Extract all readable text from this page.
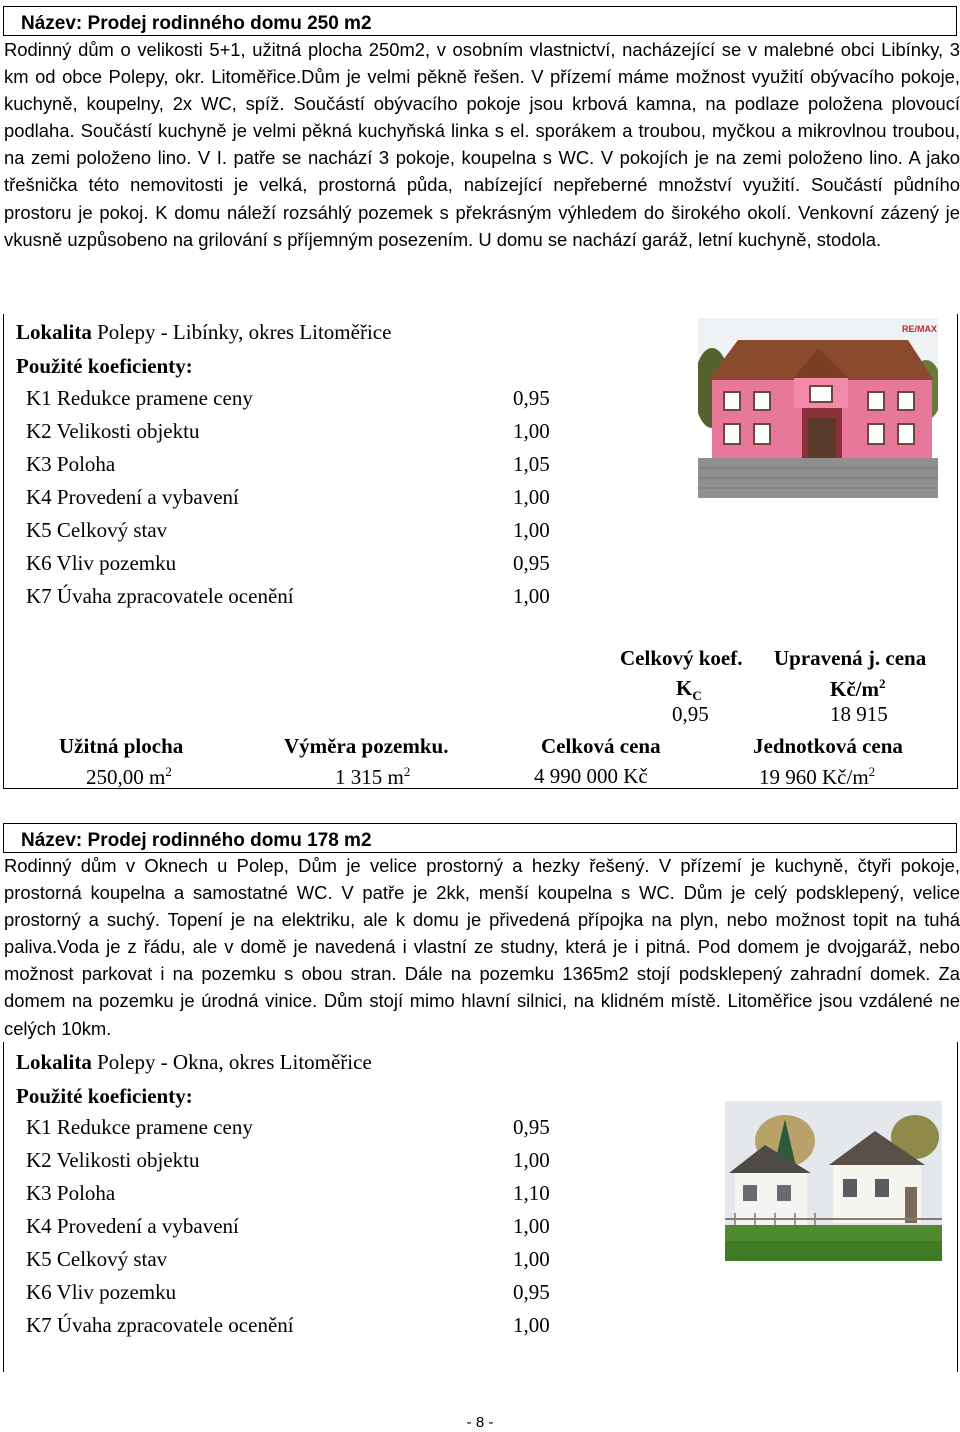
Název: Prodej rodinného domu 250 m2
Rodinný dům o velikosti 5+1, užitná plocha 250m2, v osobním vlastnictví, nacházející se v malebné obci Libínky, 3 km od obce Polepy, okr. Litoměřice.Dům je velmi pěkně řešen. V přízemí máme možnost využití obývacího pokoje, kuchyně, koupelny, 2x WC, spíž. Součástí obývacího pokoje jsou krbová kamna, na podlaze položena plovoucí podlaha. Součástí kuchyně je velmi pěkná kuchyňská linka s el. sporákem a troubou, myčkou a mikrovlnou troubou, na zemi položeno lino. V I. patře se nachází 3 pokoje, koupelna s WC. V pokojích je na zemi položeno lino. A jako třešnička této nemovitosti je velká, prostorná půda, nabízející nepřeberné množství využití. Součástí půdního prostoru je pokoj. K domu náleží rozsáhlý pozemek s překrásným výhledem do širokého okolí. Venkovní zázený je vkusně uzpůsobeno na grilování s příjemným posezením. U domu se nachází garáž, letní kuchyně, stodola.
Lokalita Polepy - Libínky, okres Litoměřice
Použité koeficienty:
K1 Redukce pramene ceny	0,95
K2 Velikosti objektu	1,00
K3 Poloha	1,05
K4 Provedení a vybavení	1,00
K5 Celkový stav	1,00
K6 Vliv pozemku	0,95
K7 Úvaha zpracovatele ocenění	1,00
RE/MAX
Celkový koef. Upravená j. cena
$K_C$	$Kč/m^2$
0,95	18 915
Užitná plocha	Výměra pozemku.	Celková cena	Jednotková cena
250,00 $m^2$	1 315 $m^2$	4 990 000 Kč	19 960 $Kč/m^2$
Název: Prodej rodinného domu 178 m2
Rodinný dům v Oknech u Polep, Dům je velice prostorný a hezky řešený. V přízemí je kuchyně, čtyři pokoje, prostorná koupelna a samostatné WC. V patře je 2kk, menší koupelna s WC. Dům je celý podsklepený, velice prostorný a suchý. Topení je na elektriku, ale k domu je přivedená přípojka na plyn, nebo možnost topit na tuhá paliva.Voda je z řádu, ale v domě je navedená i vlastní ze studny, která je i pitná. Pod domem je dvojgaráž, nebo možnost parkovat i na pozemku s obou stran. Dále na pozemku 1365m2 stojí podsklepený zahradní domek. Za domem na pozemku je úrodná vinice. Dům stojí mimo hlavní silnici, na klidném místě. Litoměřice jsou vzdálené ne celých 10km.
Lokalita Polepy - Okna, okres Litoměřice
Použité koeficienty:
K1 Redukce pramene ceny	0,95
K2 Velikosti objektu	1,00
K3 Poloha	1,10
K4 Provedení a vybavení	1,00
K5 Celkový stav	1,00
K6 Vliv pozemku	0,95
K7 Úvaha zpracovatele ocenění	1,00
- 8 -
